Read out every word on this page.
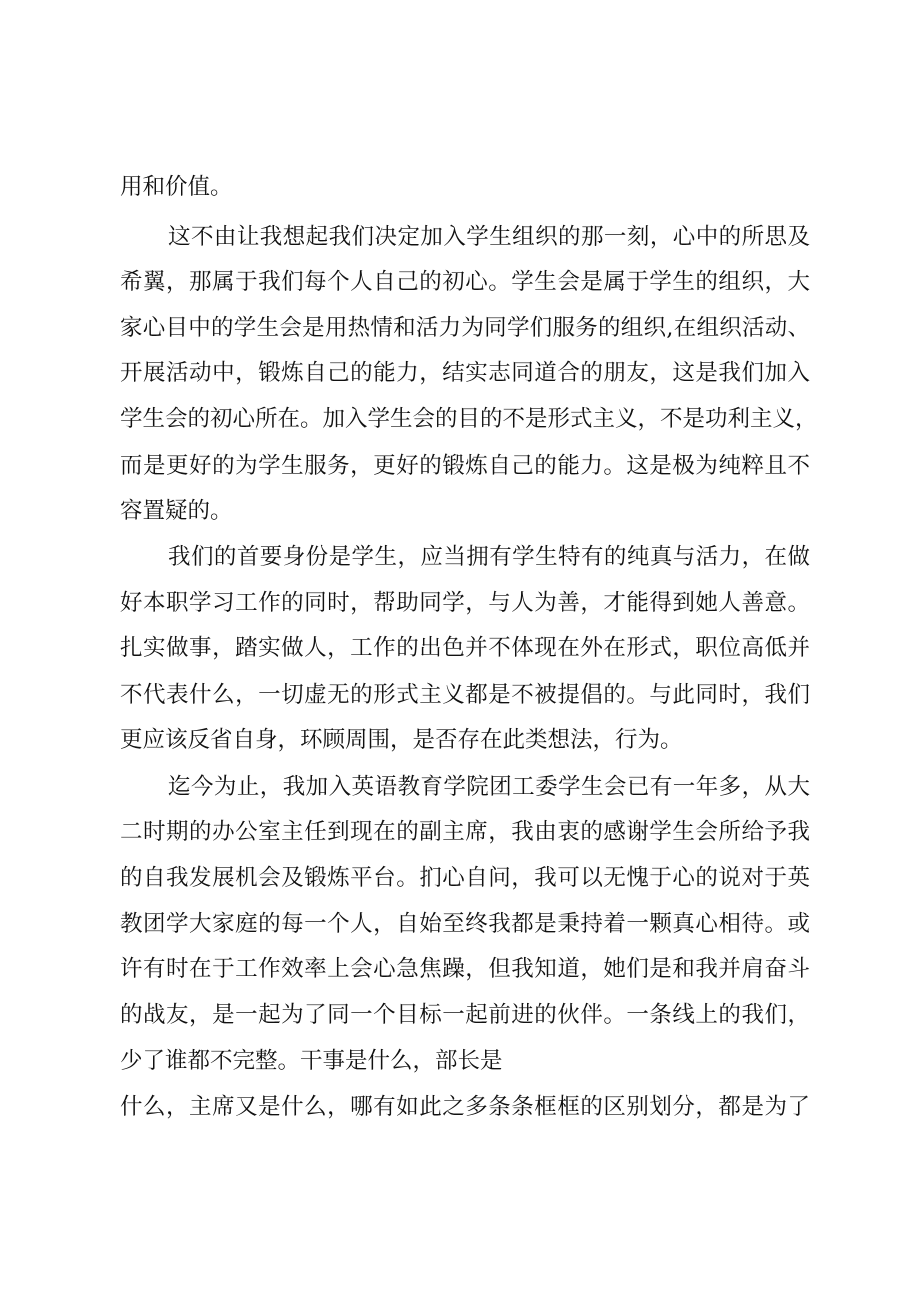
用和价值。
这不由让我想起我们决定加入学生组织的那一刻，心中的所思及
希翼，那属于我们每个人自己的初心。学生会是属于学生的组织，大
家心目中的学生会是用热情和活力为同学们服务的组织,在组织活动、
开展活动中，锻炼自己的能力，结实志同道合的朋友，这是我们加入
学生会的初心所在。加入学生会的目的不是形式主义，不是功利主义，
而是更好的为学生服务，更好的锻炼自己的能力。这是极为纯粹且不
容置疑的。
我们的首要身份是学生，应当拥有学生特有的纯真与活力，在做
好本职学习工作的同时，帮助同学，与人为善，才能得到她人善意。
扎实做事，踏实做人，工作的出色并不体现在外在形式，职位高低并
不代表什么，一切虚无的形式主义都是不被提倡的。与此同时，我们
更应该反省自身，环顾周围，是否存在此类想法，行为。
迄今为止，我加入英语教育学院团工委学生会已有一年多，从大
二时期的办公室主任到现在的副主席，我由衷的感谢学生会所给予我
的自我发展机会及锻炼平台。扪心自问，我可以无愧于心的说对于英
教团学大家庭的每一个人，自始至终我都是秉持着一颗真心相待。或
许有时在于工作效率上会心急焦躁，但我知道，她们是和我并肩奋斗
的战友，是一起为了同一个目标一起前进的伙伴。一条线上的我们，
少了谁都不完整。干事是什么，部长是
什么，主席又是什么，哪有如此之多条条框框的区别划分，都是为了
